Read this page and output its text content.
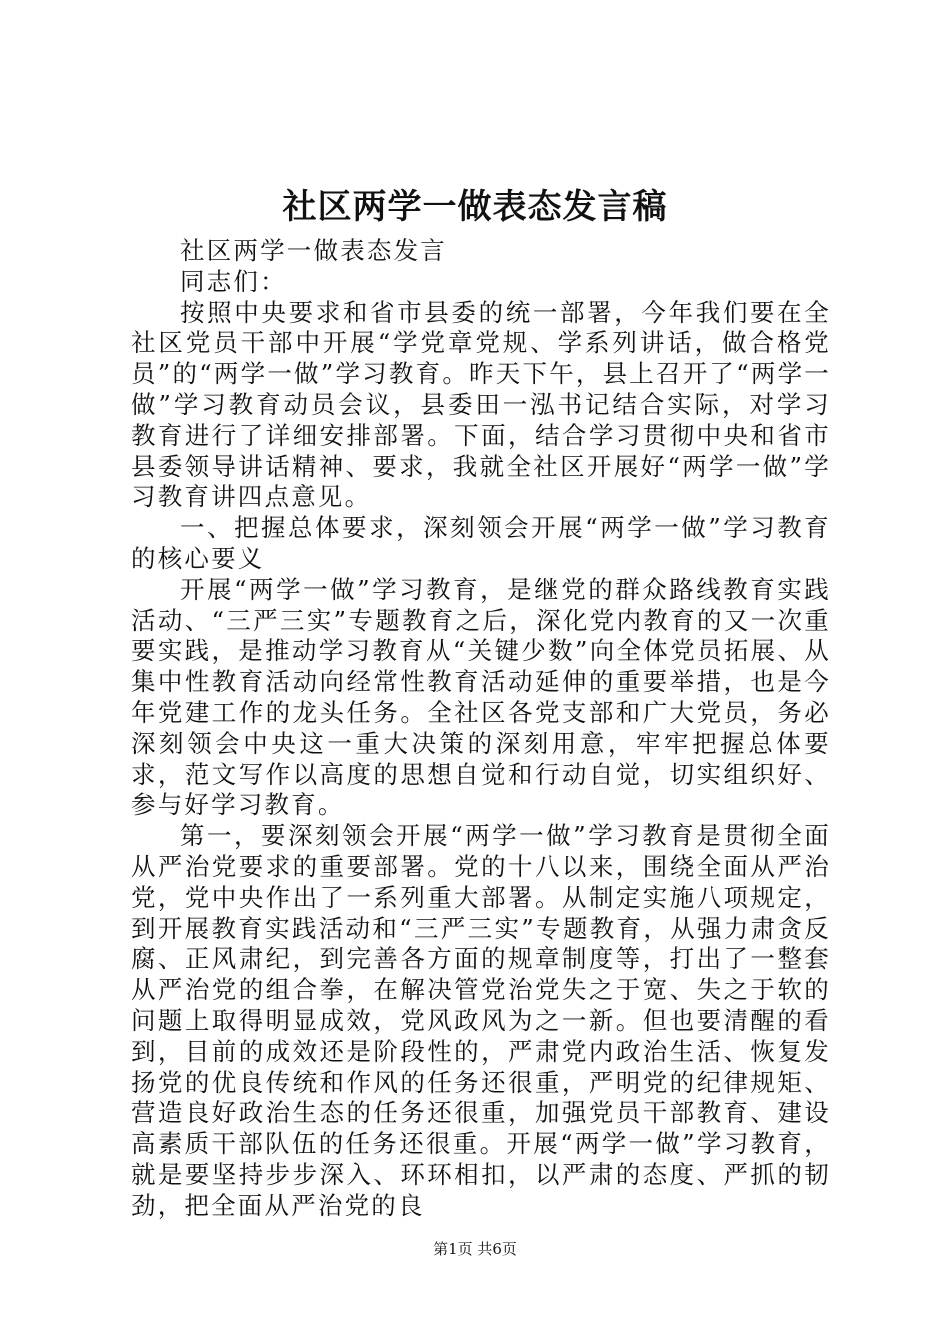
社区两学一做表态发言稿

社区两学一做表态发言

同志们：

按照中央要求和省市县委的统一部署，今年我们要在全社区党员干部中开展“学党章党规、学系列讲话，做合格党员”的“两学一做”学习教育。昨天下午，县上召开了“两学一做”学习教育动员会议，县委田一泓书记结合实际，对学习教育进行了详细安排部署。下面，结合学习贯彻中央和省市县委领导讲话精神、要求，我就全社区开展好“两学一做”学习教育讲四点意见。

一、把握总体要求，深刻领会开展“两学一做”学习教育的核心要义

开展“两学一做”学习教育，是继党的群众路线教育实践活动、“三严三实”专题教育之后，深化党内教育的又一次重要实践，是推动学习教育从“关键少数”向全体党员拓展、从集中性教育活动向经常性教育活动延伸的重要举措，也是今年党建工作的龙头任务。全社区各党支部和广大党员，务必深刻领会中央这一重大决策的深刻用意，牢牢把握总体要求，范文写作以高度的思想自觉和行动自觉，切实组织好、参与好学习教育。

第一，要深刻领会开展“两学一做”学习教育是贯彻全面从严治党要求的重要部署。党的十八以来，围绕全面从严治党，党中央作出了一系列重大部署。从制定实施八项规定，到开展教育实践活动和“三严三实”专题教育，从强力肃贪反腐、正风肃纪，到完善各方面的规章制度等，打出了一整套从严治党的组合拳，在解决管党治党失之于宽、失之于软的问题上取得明显成效，党风政风为之一新。但也要清醒的看到，目前的成效还是阶段性的，严肃党内政治生活、恢复发扬党的优良传统和作风的任务还很重，严明党的纪律规矩、营造良好政治生态的任务还很重，加强党员干部教育、建设高素质干部队伍的任务还很重。开展“两学一做”学习教育，就是要坚持步步深入、环环相扣，以严肃的态度、严抓的韧劲，把全面从严治党的良

第1页 共6页
